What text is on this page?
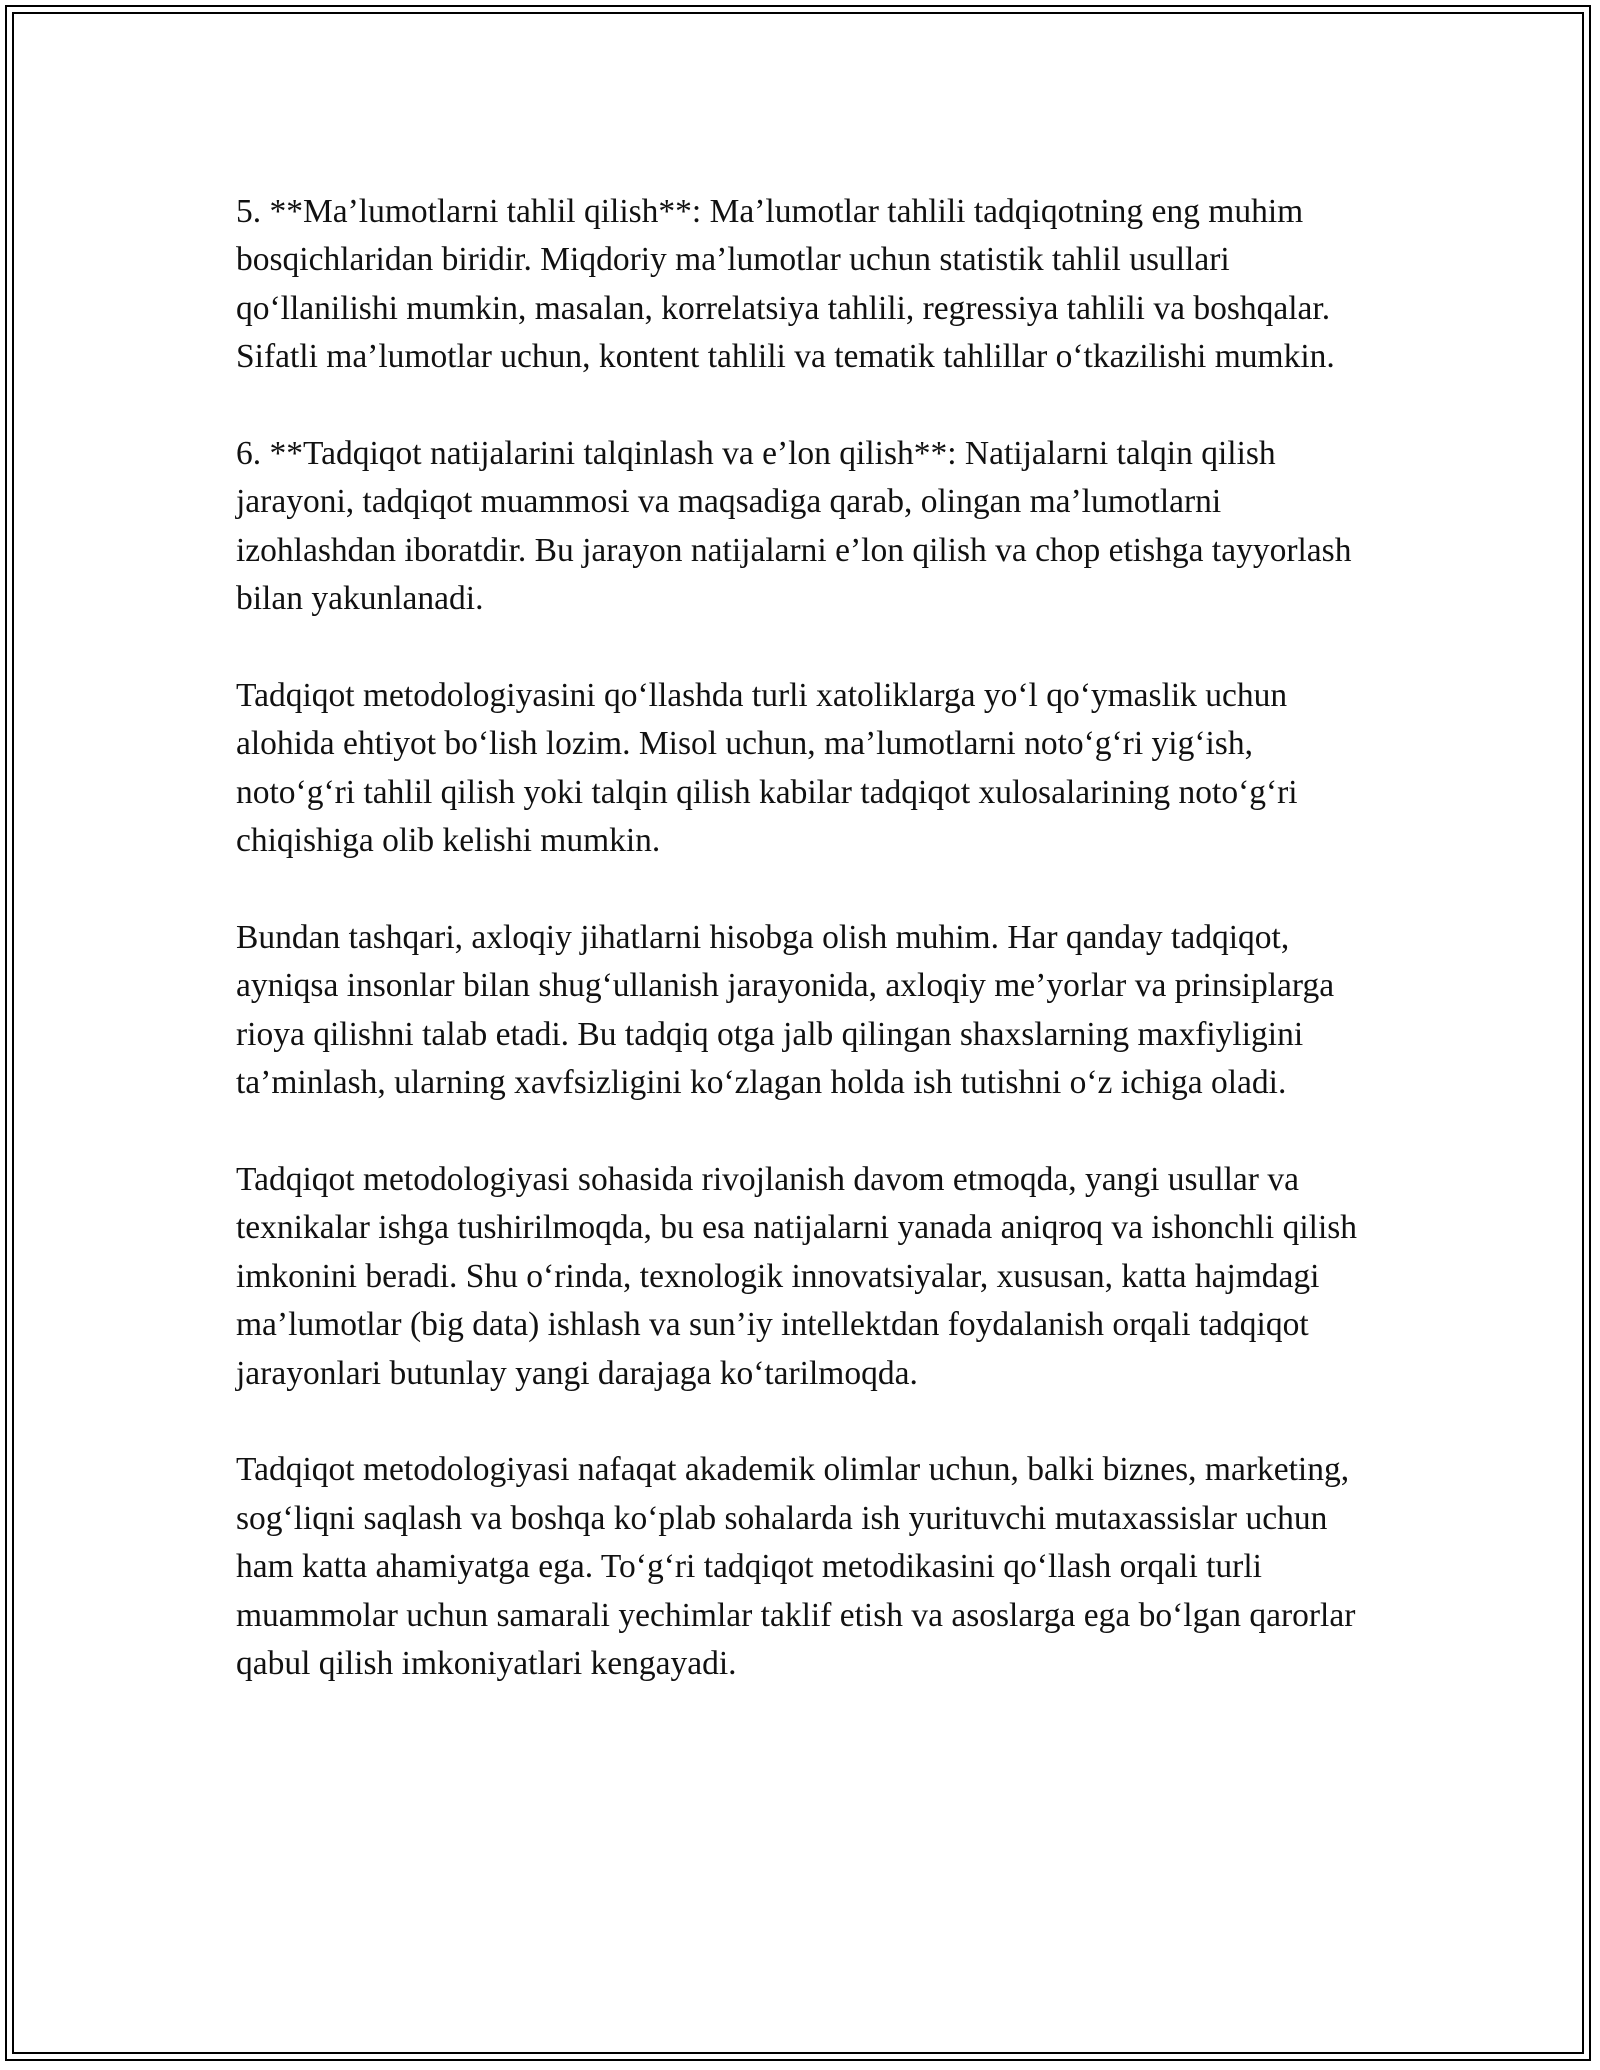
5. **Ma’lumotlarni tahlil qilish**: Ma’lumotlar tahlili tadqiqotning eng muhim bosqichlaridan biridir. Miqdoriy ma’lumotlar uchun statistik tahlil usullari qo‘llanilishi mumkin, masalan, korrelatsiya tahlili, regressiya tahlili va boshqalar. Sifatli ma’lumotlar uchun, kontent tahlili va tematik tahlillar o‘tkazilishi mumkin.

6. **Tadqiqot natijalarini talqinlash va e’lon qilish**: Natijalarni talqin qilish jarayoni, tadqiqot muammosi va maqsadiga qarab, olingan ma’lumotlarni izohlashdan iboratdir. Bu jarayon natijalarni e’lon qilish va chop etishga tayyorlash bilan yakunlanadi.

Tadqiqot metodologiyasini qo‘llashda turli xatoliklarga yo‘l qo‘ymaslik uchun alohida ehtiyot bo‘lish lozim. Misol uchun, ma’lumotlarni noto‘g‘ri yig‘ish, noto‘g‘ri tahlil qilish yoki talqin qilish kabilar tadqiqot xulosalarining noto‘g‘ri chiqishiga olib kelishi mumkin.

Bundan tashqari, axloqiy jihatlarni hisobga olish muhim. Har qanday tadqiqot, ayniqsa insonlar bilan shug‘ullanish jarayonida, axloqiy me’yorlar va prinsiplarga rioya qilishni talab etadi. Bu tadqiq otga jalb qilingan shaxslarning maxfiyligini ta’minlash, ularning xavfsizligini ko‘zlagan holda ish tutishni o‘z ichiga oladi.

Tadqiqot metodologiyasi sohasida rivojlanish davom etmoqda, yangi usullar va texnikalar ishga tushirilmoqda, bu esa natijalarni yanada aniqroq va ishonchli qilish imkonini beradi. Shu o‘rinda, texnologik innovatsiyalar, xususan, katta hajmdagi ma’lumotlar (big data) ishlash va sun’iy intellektdan foydalanish orqali tadqiqot jarayonlari butunlay yangi darajaga ko‘tarilmoqda.

Tadqiqot metodologiyasi nafaqat akademik olimlar uchun, balki biznes, marketing, sog‘liqni saqlash va boshqa ko‘plab sohalarda ish yurituvchi mutaxassislar uchun ham katta ahamiyatga ega. To‘g‘ri tadqiqot metodikasini qo‘llash orqali turli muammolar uchun samarali yechimlar taklif etish va asoslarga ega bo‘lgan qarorlar qabul qilish imkoniyatlari kengayadi.
